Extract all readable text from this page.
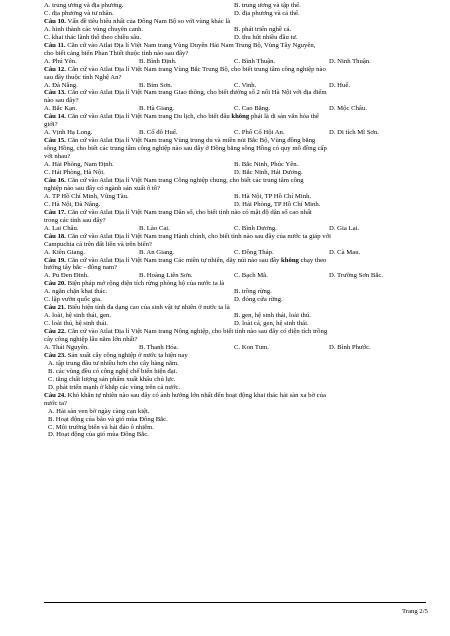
A. trung ương và địa phương.	B. trung ương và tập thể.
C. địa phương và tư nhân.	D. địa phương và cá thể.
Câu 10. Vấn đề tiêu biểu nhất của Đông Nam Bộ so với vùng khác là
A. hình thành các vùng chuyên canh.	B. phát triển nghề cá.
C. khai thác lãnh thổ theo chiều sâu.	D. thu hút nhiều đầu tư.
Câu 11. Căn cứ vào Atlat Địa lí Việt Nam trang Vùng Duyên Hải Nam Trung Bộ, Vùng Tây Nguyên,
cho biết cảng biển Phan Thiết thuộc tỉnh nào sau đây?
A. Phú Yên.	B. Bình Định.	C. Bình Thuận.	D. Ninh Thuận.
Câu 12. Căn cứ vào Atlat Địa lí Việt Nam trang Vùng Bắc Trung Bộ, cho biết trung tâm công nghiệp nào
sau đây thuộc tỉnh Nghệ An?
A. Đà Nẵng.	B. Bỉm Sơn.	C. Vinh.	D. Huế.
Câu 13. Căn cứ vào Atlat Địa lí Việt Nam trang Giao thông, cho biết đường số 2 nối Hà Nội với địa điểm
nào sau đây?
A. Bắc Kạn.	B. Hà Giang.	C. Cao Bằng.	D. Mộc Châu.
Câu 14. Căn cứ vào Atlat Địa lí Việt Nam trang Du lịch, cho biết đâu không phải là di sản văn hóa thế
giới?
A. Vịnh Hạ Long.	B. Cố đô Huế.	C. Phố Cổ Hội An.	D. Di tích Mĩ Sơn.
Câu 15. Căn cứ vào Atlat Địa lí Việt Nam trang Vùng trung du và miền núi Bắc Bộ, Vùng đồng bằng
sông Hồng, cho biết các trung tâm công nghiệp nào sau đây ở Đồng bằng sông Hồng có quy mô đồng cấp
với nhau?
A. Hải Phòng, Nam Định.	B. Bắc Ninh, Phúc Yên.
C. Hải Phòng, Hà Nội.	D. Bắc Ninh, Hải Dương.
Câu 16. Căn cứ vào Atlat Địa lí Việt Nam trang Công nghiệp chung, cho biết các trung tâm công
nghiệp nào sau đây có ngành sản xuất ô tô?
A. TP Hồ Chí Minh, Vũng Tàu.	B. Hà Nội, TP Hồ Chí Minh.
C. Hà Nội, Đà Nẵng.	D. Hải Phòng, TP Hồ Chí Minh.
Câu 17. Căn cứ vào Atlat Địa lí Việt Nam trang Dân số, cho biết tỉnh nào có mật độ dân số cao nhất
trong các tỉnh sau đây?
A. Lai Châu.	B. Lào Cai.	C. Bình Dương.	D. Gia Lai.
Câu 18. Căn cứ vào Atlat Địa lí Việt Nam trang Hành chính, cho biết tỉnh nào sau đây của nước ta giáp với
Campuchia cả trên đất liền và trên biển?
A. Kiên Giang.	B. An Giang.	C. Đồng Tháp.	D. Cà Mau.
Câu 19. Căn cứ vào Atlat Địa lí Việt Nam trang Các miền tự nhiên, dãy núi nào sau đây không chạy theo
hướng tây bắc - đông nam?
A. Pu Đen Đinh.	B. Hoàng Liên Sơn.	C. Bạch Mã.	D. Trường Sơn Bắc.
Câu 20. Biện pháp mở rộng diện tích rừng phòng hộ của nước ta là
A. ngăn chặn khai thác.	B. trồng rừng.
C. lập vườn quốc gia.	D. đóng cửa rừng.
Câu 21. Biểu hiện tính đa dạng cao của sinh vật tự nhiên ở nước ta là
A. loài, hệ sinh thái, gen.	B. gen, hệ sinh thái, loài thú.
C. loài thú, hệ sinh thái.	D. loài cá, gen, hệ sinh thái.
Câu 22. Căn cứ vào Atlat Địa lí Việt Nam trang Nông nghiệp, cho biết tỉnh nào sau đây có diện tích trồng
cây công nghiệp lâu năm lớn nhất?
A. Thái Nguyên.	B. Thanh Hóa.	C. Kon Tum.	D. Bình Phước.
Câu 23. Sản xuất cây công nghiệp ở nước ta hiện nay
A. tập trung đầu tư nhiều hơn cho cây hàng năm.
B. các vùng đều có công nghệ chế biến hiện đại.
C. tăng chất lượng sản phẩm xuất khẩu chủ lực.
D. phát triển mạnh ở khắp các vùng trên cả nước.
Câu 24. Khó khăn tự nhiên nào sau đây có ảnh hưởng lớn nhất đến hoạt động khai thác hải sản xa bờ của
nước ta?
A. Hải sản ven bờ ngày càng cạn kiệt.
B. Hoạt động của bão và gió mùa Đông Bắc.
C. Môi trường biển và hải đảo ô nhiễm.
D. Hoạt động của gió mùa Đông Bắc.
Trang 2/5
